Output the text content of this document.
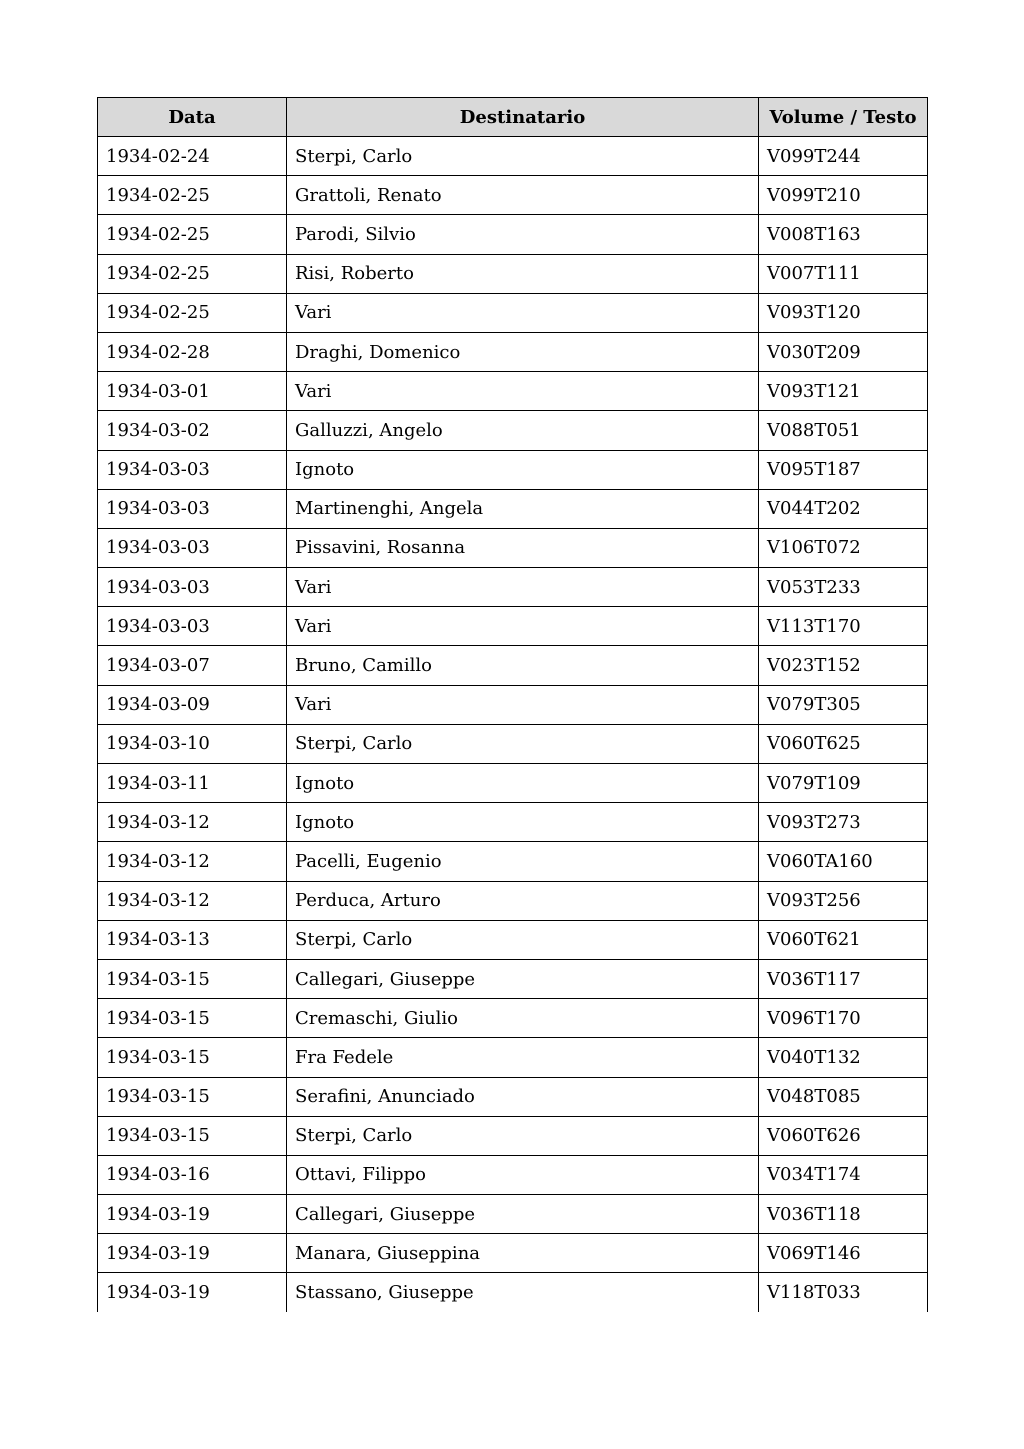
Data	Destinatario	Volume / Testo
1934-02-24	Sterpi, Carlo	V099T244
1934-02-25	Grattoli, Renato	V099T210
1934-02-25	Parodi, Silvio	V008T163
1934-02-25	Risi, Roberto	V007T111
1934-02-25	Vari	V093T120
1934-02-28	Draghi, Domenico	V030T209
1934-03-01	Vari	V093T121
1934-03-02	Galluzzi, Angelo	V088T051
1934-03-03	Ignoto	V095T187
1934-03-03	Martinenghi, Angela	V044T202
1934-03-03	Pissavini, Rosanna	V106T072
1934-03-03	Vari	V053T233
1934-03-03	Vari	V113T170
1934-03-07	Bruno, Camillo	V023T152
1934-03-09	Vari	V079T305
1934-03-10	Sterpi, Carlo	V060T625
1934-03-11	Ignoto	V079T109
1934-03-12	Ignoto	V093T273
1934-03-12	Pacelli, Eugenio	V060TA160
1934-03-12	Perduca, Arturo	V093T256
1934-03-13	Sterpi, Carlo	V060T621
1934-03-15	Callegari, Giuseppe	V036T117
1934-03-15	Cremaschi, Giulio	V096T170
1934-03-15	Fra Fedele	V040T132
1934-03-15	Serafini, Anunciado	V048T085
1934-03-15	Sterpi, Carlo	V060T626
1934-03-16	Ottavi, Filippo	V034T174
1934-03-19	Callegari, Giuseppe	V036T118
1934-03-19	Manara, Giuseppina	V069T146
1934-03-19	Stassano, Giuseppe	V118T033
